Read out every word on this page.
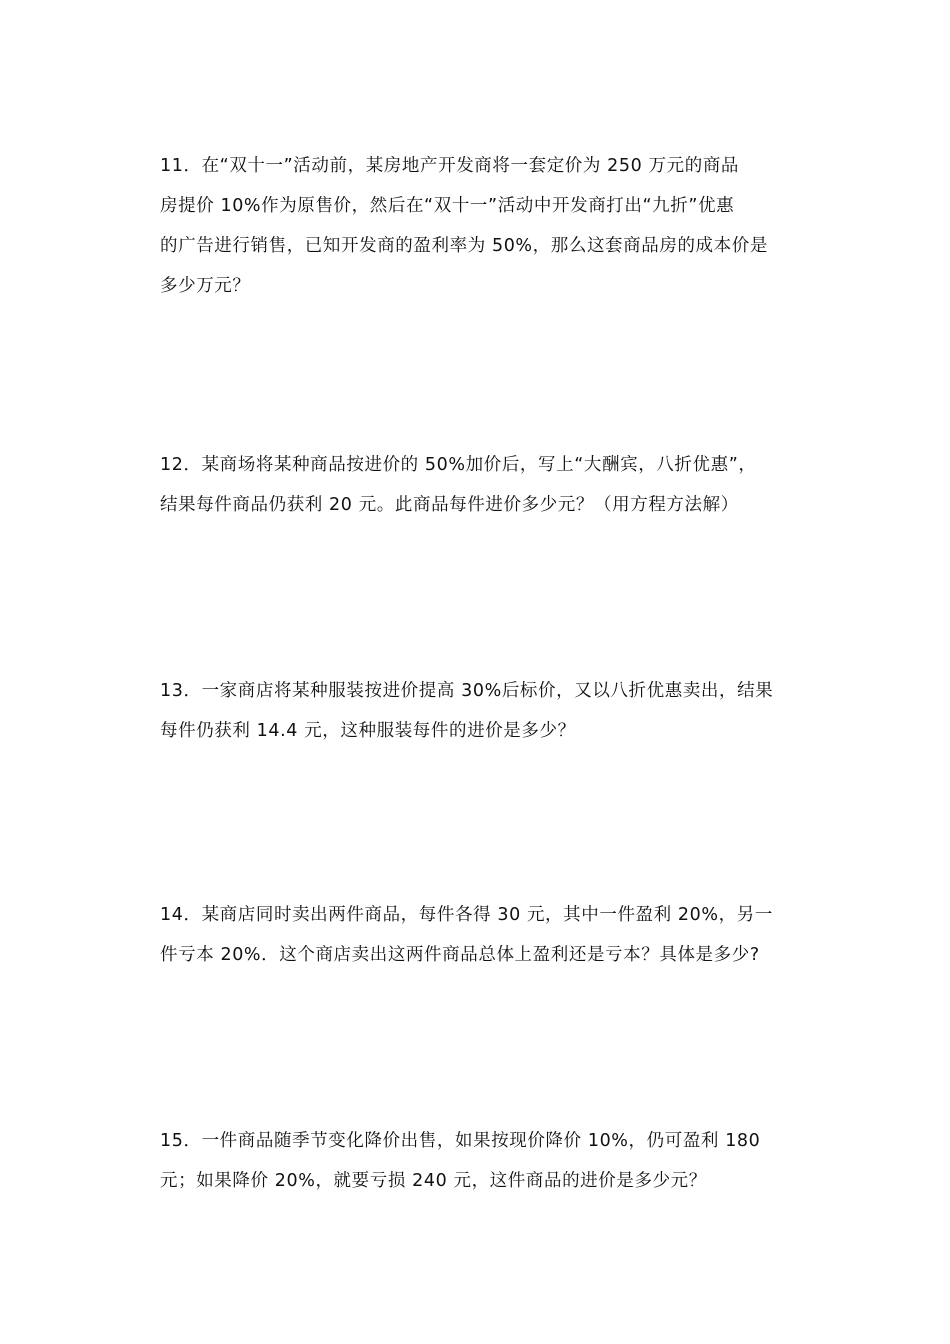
11．在“双十一”活动前，某房地产开发商将一套定价为 250 万元的商品
房提价 10%作为原售价，然后在“双十一”活动中开发商打出“九折”优惠
的广告进行销售，已知开发商的盈利率为 50%，那么这套商品房的成本价是
多少万元？
12．某商场将某种商品按进价的 50%加价后，写上“大酬宾，八折优惠”，
结果每件商品仍获利 20 元。此商品每件进价多少元？（用方程方法解）
13．一家商店将某种服装按进价提高 30%后标价，又以八折优惠卖出，结果
每件仍获利 14.4 元，这种服装每件的进价是多少？
14．某商店同时卖出两件商品，每件各得 30 元，其中一件盈利 20%，另一
件亏本 20%．这个商店卖出这两件商品总体上盈利还是亏本？具体是多少?
15．一件商品随季节变化降价出售，如果按现价降价 10%，仍可盈利 180
元；如果降价 20%，就要亏损 240 元，这件商品的进价是多少元？
